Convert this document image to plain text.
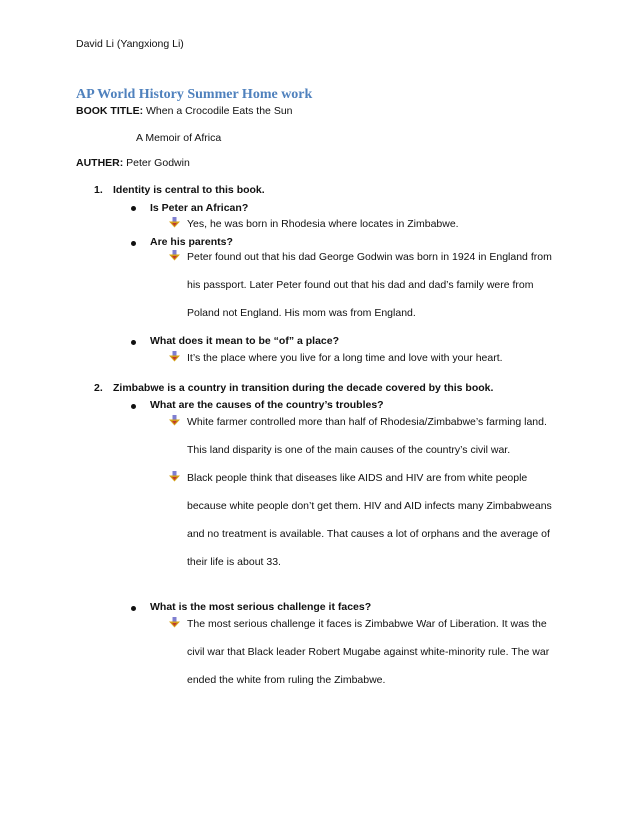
David Li (Yangxiong Li)
AP World History Summer Home work
BOOK TITLE: When a Crocodile Eats the Sun
A Memoir of Africa
AUTHER: Peter Godwin
1. Identity is central to this book.
Is Peter an African?
Yes, he was born in Rhodesia where locates in Zimbabwe.
Are his parents?
Peter found out that his dad George Godwin was born in 1924 in England from
his passport. Later Peter found out that his dad and dad’s family were from
Poland not England. His mom was from England.
What does it mean to be “of” a place?
It’s the place where you live for a long time and love with your heart.
2. Zimbabwe is a country in transition during the decade covered by this book.
What are the causes of the country’s troubles?
White farmer controlled more than half of Rhodesia/Zimbabwe’s farming land.
This land disparity is one of the main causes of the country’s civil war.
Black people think that diseases like AIDS and HIV are from white people
because white people don’t get them. HIV and AID infects many Zimbabweans
and no treatment is available. That causes a lot of orphans and the average of
their life is about 33.
What is the most serious challenge it faces?
The most serious challenge it faces is Zimbabwe War of Liberation. It was the
civil war that Black leader Robert Mugabe against white-minority rule. The war
ended the white from ruling the Zimbabwe.
